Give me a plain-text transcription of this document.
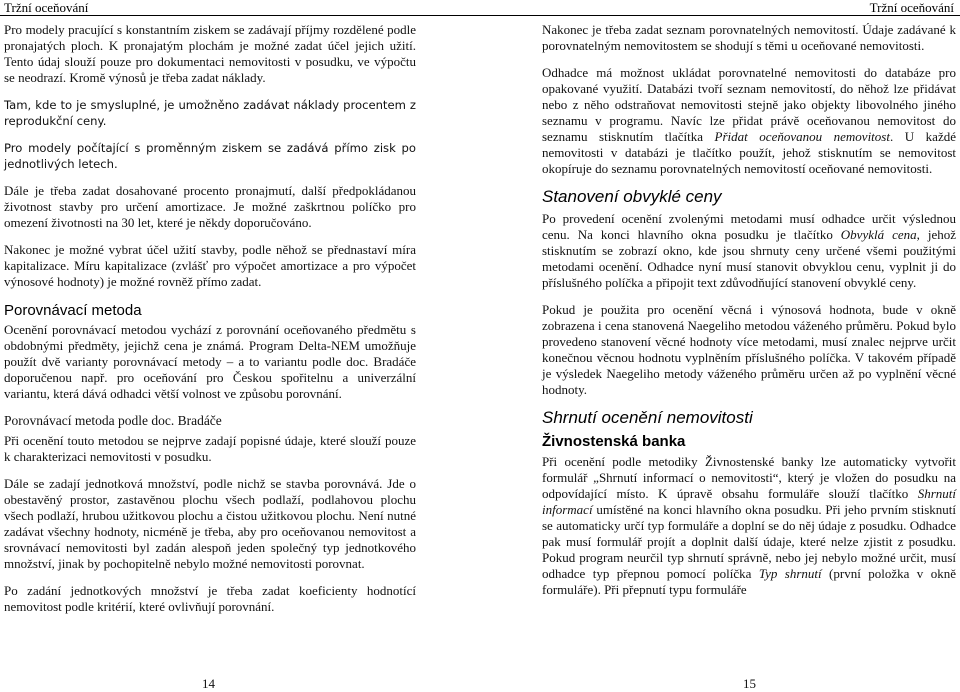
Tržní oceňování

Pro modely pracující s konstantním ziskem se zadávají příjmy rozdělené podle pronajatých ploch. K pronajatým plochám je možné zadat účel jejich užití. Tento údaj slouží pouze pro dokumentaci nemovitosti v posudku, ve výpočtu se neodrazí. Kromě výnosů je třeba zadat náklady.

Tam, kde to je smysluplné, je umožněno zadávat náklady procentem z reprodukční ceny.

Pro modely počítající s proměnným ziskem se zadává přímo zisk po jednotlivých letech.

Dále je třeba zadat dosahované procento pronajmutí, další předpokládanou životnost stavby pro určení amortizace. Je možné zaškrtnou políčko pro omezení životnosti na 30 let, které je někdy doporučováno.

Nakonec je možné vybrat účel užití stavby, podle něhož se přednastaví míra kapitalizace. Míru kapitalizace (zvlášť pro výpočet amortizace a pro výpočet výnosové hodnoty) je možné rovněž přímo zadat.

Porovnávací metoda

Ocenění porovnávací metodou vychází z porovnání oceňovaného předmětu s obdobnými předměty, jejichž cena je známá. Program Delta-NEM umožňuje použít dvě varianty porovnávací metody – a to variantu podle doc. Bradáče doporučenou např. pro oceňování pro Českou spořitelnu a univerzální variantu, která dává odhadci větší volnost ve způsobu porovnání.

Porovnávací metoda podle doc. Bradáče

Při ocenění touto metodou se nejprve zadají popisné údaje, které slouží pouze k charakterizaci nemovitosti v posudku.

Dále se zadají jednotková množství, podle nichž se stavba porovnává. Jde o obestavěný prostor, zastavěnou plochu všech podlaží, podlahovou plochu všech podlaží, hrubou užitkovou plochu a čistou užitkovou plochu. Není nutné zadávat všechny hodnoty, nicméně je třeba, aby pro oceňovanou nemovitost a srovnávací nemovitosti byl zadán alespoň jeden společný typ jednotkového množství, jinak by pochopitelně nebylo možné nemovitosti porovnat.

Po zadání jednotkových množství je třeba zadat koeficienty hodnotící nemovitost podle kritérií, které ovlivňují porovnání.

14
Tržní oceňování

Nakonec je třeba zadat seznam porovnatelných nemovitostí. Údaje zadávané k porovnatelným nemovitostem se shodují s těmi u oceňované nemovitosti.

Odhadce má možnost ukládat porovnatelné nemovitosti do databáze pro opakované využití. Databázi tvoří seznam nemovitostí, do něhož lze přidávat nebo z něho odstraňovat nemovitosti stejně jako objekty libovolného jiného seznamu v programu. Navíc lze přidat právě oceňovanou nemovitost do seznamu stisknutím tlačítka Přidat oceňovanou nemovitost. U každé nemovitosti v databázi je tlačítko použít, jehož stisknutím se nemovitost okopíruje do seznamu porovnatelných nemovitostí oceňované nemovitosti.

Stanovení obvyklé ceny

Po provedení ocenění zvolenými metodami musí odhadce určit výslednou cenu. Na konci hlavního okna posudku je tlačítko Obvyklá cena, jehož stisknutím se zobrazí okno, kde jsou shrnuty ceny určené všemi použitými metodami ocenění. Odhadce nyní musí stanovit obvyklou cenu, vyplnit ji do příslušného políčka a připojit text zdůvodňující stanovení obvyklé ceny.

Pokud je použita pro ocenění věcná i výnosová hodnota, bude v okně zobrazena i cena stanovená Naegeliho metodou váženého průměru. Pokud bylo provedeno stanovení věcné hodnoty více metodami, musí znalec nejprve určit konečnou věcnou hodnotu vyplněním příslušného políčka. V takovém případě je výsledek Naegeliho metody váženého průměru určen až po vyplnění věcné hodnoty.

Shrnutí ocenění nemovitosti
Živnostenská banka

Při ocenění podle metodiky Živnostenské banky lze automaticky vytvořit formulář „Shrnutí informací o nemovitosti“, který je vložen do posudku na odpovídající místo. K úpravě obsahu formuláře slouží tlačítko Shrnutí informací umístěné na konci hlavního okna posudku. Při jeho prvním stisknutí se automaticky určí typ formuláře a doplní se do něj údaje z posudku. Odhadce pak musí formulář projít a doplnit další údaje, které nelze zjistit z posudku. Pokud program neurčil typ shrnutí správně, nebo jej nebylo možné určit, musí odhadce typ přepnou pomocí políčka Typ shrnutí (první položka v okně formuláře). Při přepnutí typu formuláře

15
